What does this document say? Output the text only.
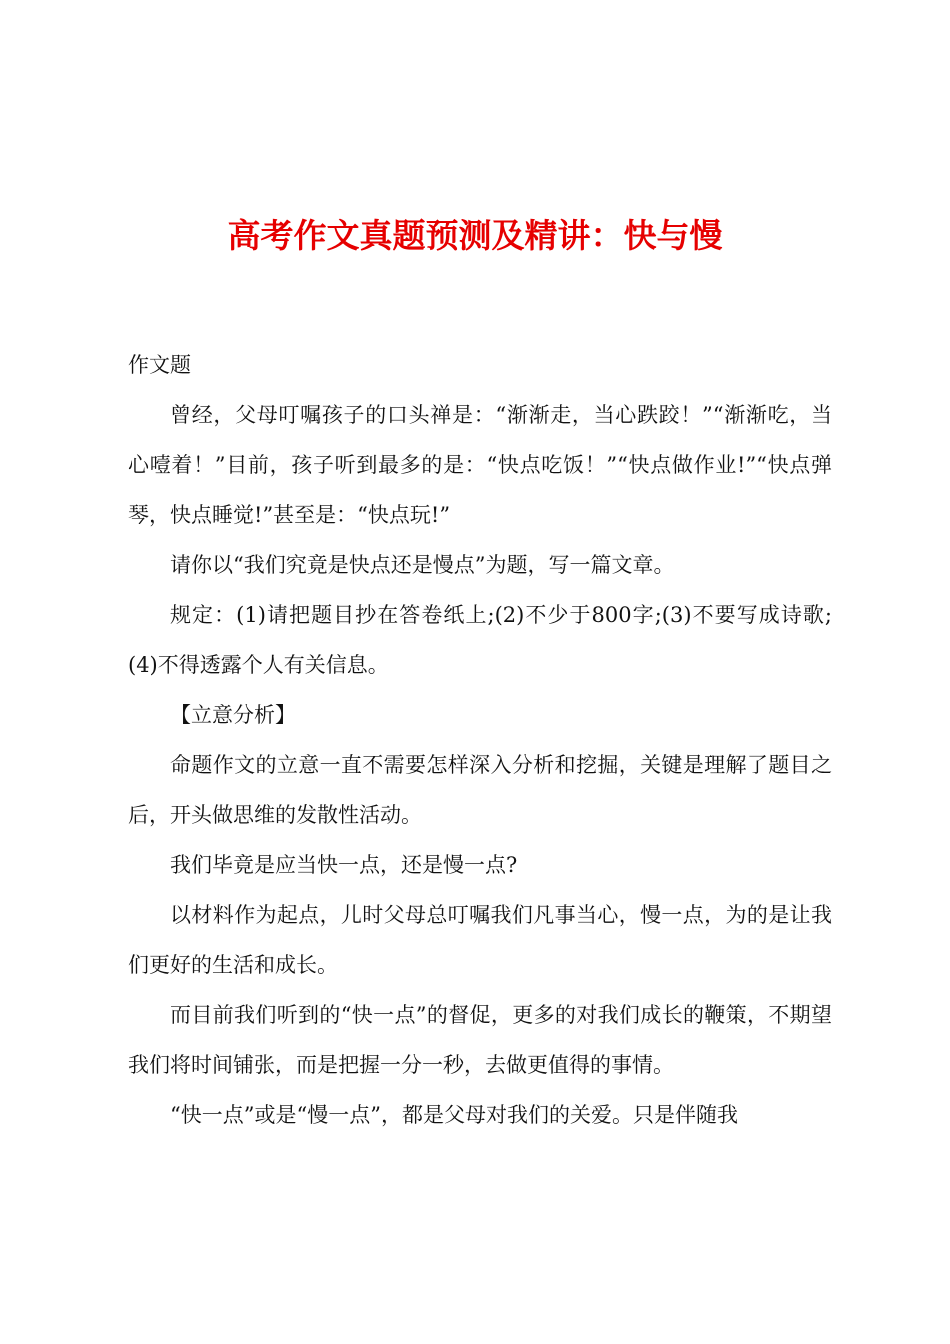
高考作文真题预测及精讲：快与慢

作文题

曾经，父母叮嘱孩子的口头禅是：“渐渐走，当心跌跤！”“渐渐吃，当心噎着！”目前，孩子听到最多的是：“快点吃饭！”“快点做作业!”“快点弹琴，快点睡觉!”甚至是：“快点玩!”

请你以“我们究竟是快点还是慢点”为题，写一篇文章。

规定：(1)请把题目抄在答卷纸上;(2)不少于800字;(3)不要写成诗歌;(4)不得透露个人有关信息。

【立意分析】

命题作文的立意一直不需要怎样深入分析和挖掘，关键是理解了题目之后，开头做思维的发散性活动。

我们毕竟是应当快一点，还是慢一点?

以材料作为起点，儿时父母总叮嘱我们凡事当心，慢一点，为的是让我们更好的生活和成长。

而目前我们听到的“快一点”的督促，更多的对我们成长的鞭策，不期望我们将时间铺张，而是把握一分一秒，去做更值得的事情。

“快一点”或是“慢一点”，都是父母对我们的关爱。只是伴随我
